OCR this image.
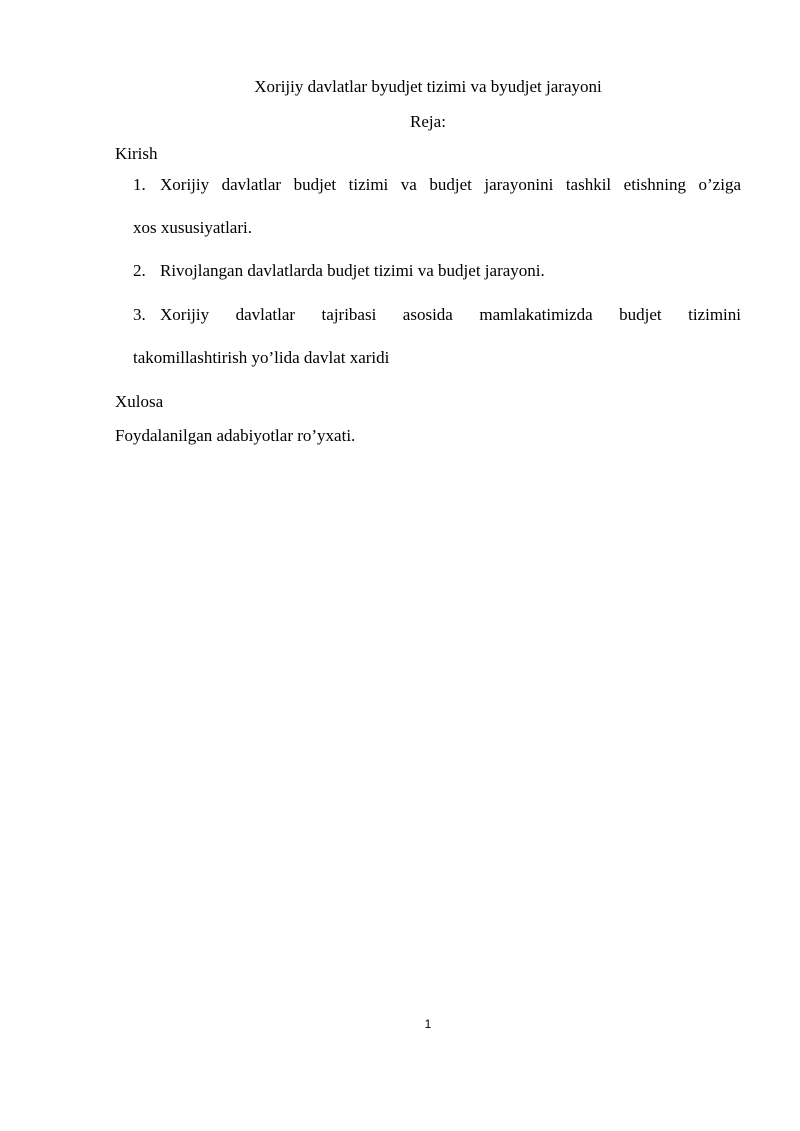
Xorijiy davlatlar byudjet tizimi va byudjet jarayoni
Reja:
Kirish
1. Xorijiy davlatlar budjet tizimi va budjet jarayonini tashkil etishning o’ziga
xos xususiyatlari.
2. Rivojlangan davlatlarda budjet tizimi va budjet jarayoni.
3. Xorijiy davlatlar tajribasi asosida mamlakatimizda budjet tizimini
takomillashtirish yo’lida davlat xaridi
Xulosa
Foydalanilgan adabiyotlar ro’yxati.
1
